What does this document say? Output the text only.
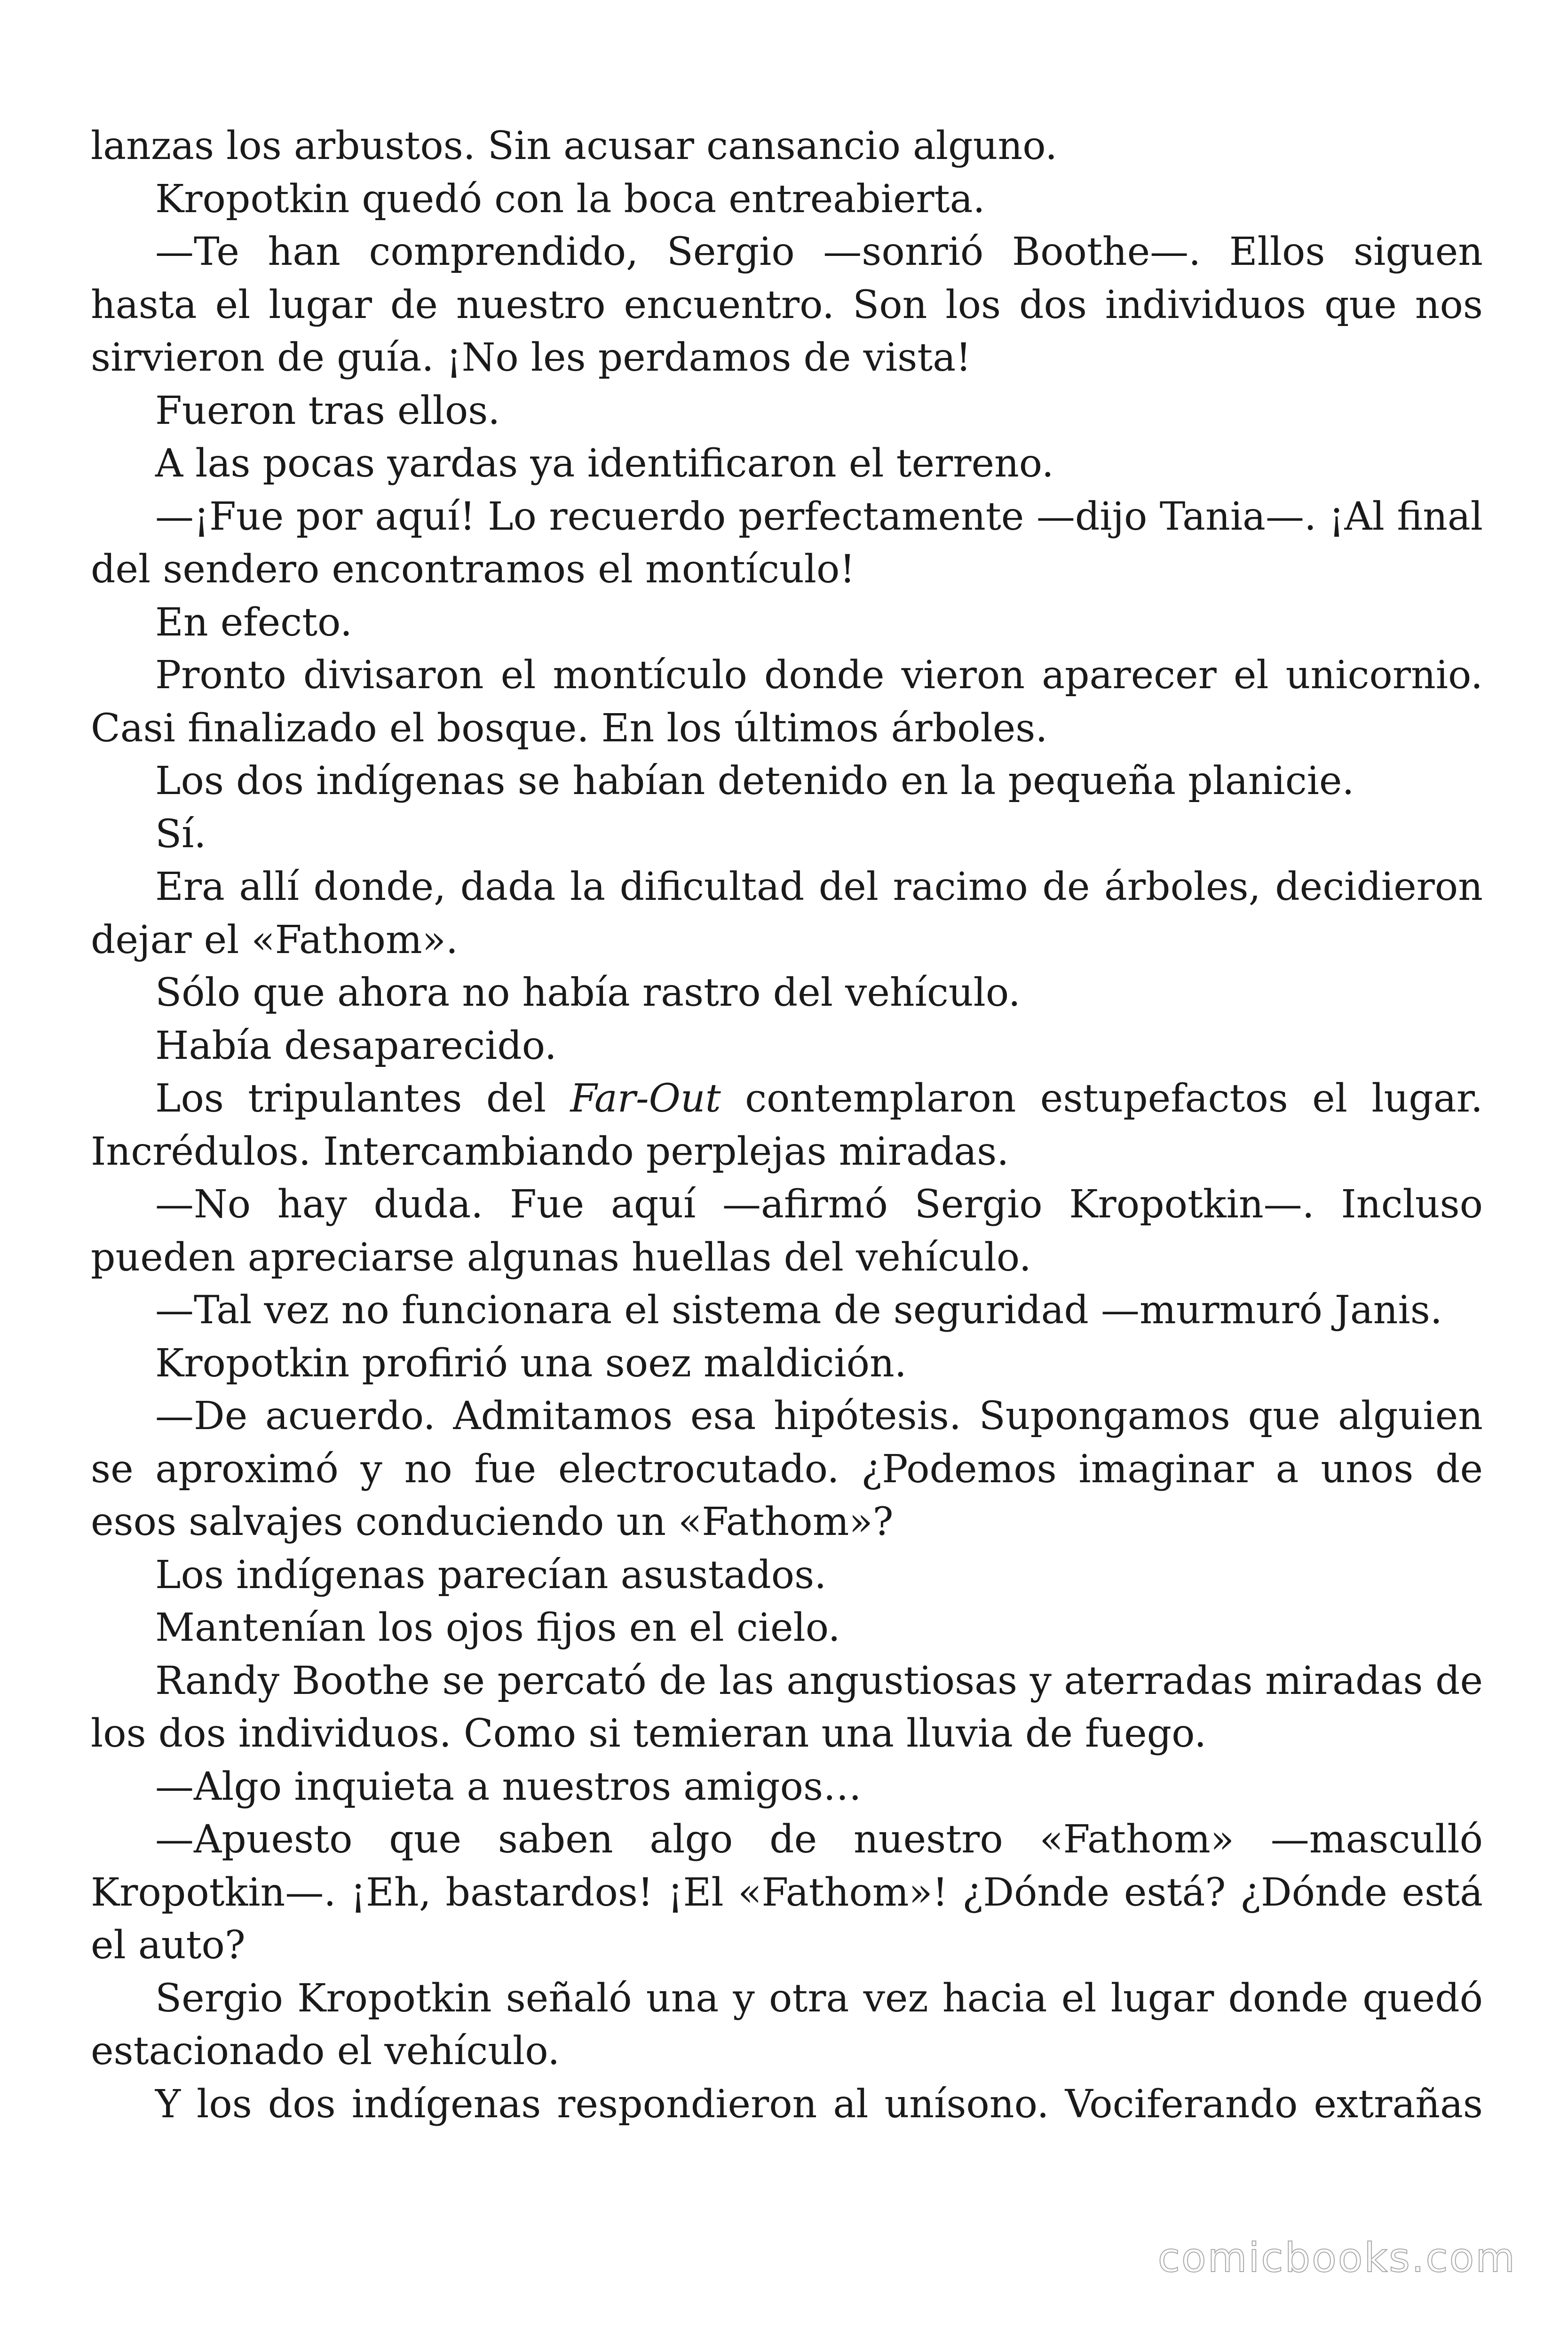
lanzas los arbustos. Sin acusar cansancio alguno.

Kropotkin quedó con la boca entreabierta.

—Te han comprendido, Sergio —sonrió Boothe—. Ellos siguen hasta el lugar de nuestro encuentro. Son los dos individuos que nos sirvieron de guía. ¡No les perdamos de vista!

Fueron tras ellos.

A las pocas yardas ya identificaron el terreno.

—¡Fue por aquí! Lo recuerdo perfectamente —dijo Tania—. ¡Al final del sendero encontramos el montículo!

En efecto.

Pronto divisaron el montículo donde vieron aparecer el unicornio. Casi finalizado el bosque. En los últimos árboles.

Los dos indígenas se habían detenido en la pequeña planicie.

Sí.

Era allí donde, dada la dificultad del racimo de árboles, decidieron dejar el «Fathom».

Sólo que ahora no había rastro del vehículo.

Había desaparecido.

Los tripulantes del Far-Out contemplaron estupefactos el lugar. Incrédulos. Intercambiando perplejas miradas.

—No hay duda. Fue aquí —afirmó Sergio Kropotkin—. Incluso pueden apreciarse algunas huellas del vehículo.

—Tal vez no funcionara el sistema de seguridad —murmuró Janis.

Kropotkin profirió una soez maldición.

—De acuerdo. Admitamos esa hipótesis. Supongamos que alguien se aproximó y no fue electrocutado. ¿Podemos imaginar a unos de esos salvajes conduciendo un «Fathom»?

Los indígenas parecían asustados.

Mantenían los ojos fijos en el cielo.

Randy Boothe se percató de las angustiosas y aterradas miradas de los dos individuos. Como si temieran una lluvia de fuego.

—Algo inquieta a nuestros amigos…

—Apuesto que saben algo de nuestro «Fathom» —masculló Kropotkin—. ¡Eh, bastardos! ¡El «Fathom»! ¿Dónde está? ¿Dónde está el auto?

Sergio Kropotkin señaló una y otra vez hacia el lugar donde quedó estacionado el vehículo.

Y los dos indígenas respondieron al unísono. Vociferando extrañas

comicbooks.com
